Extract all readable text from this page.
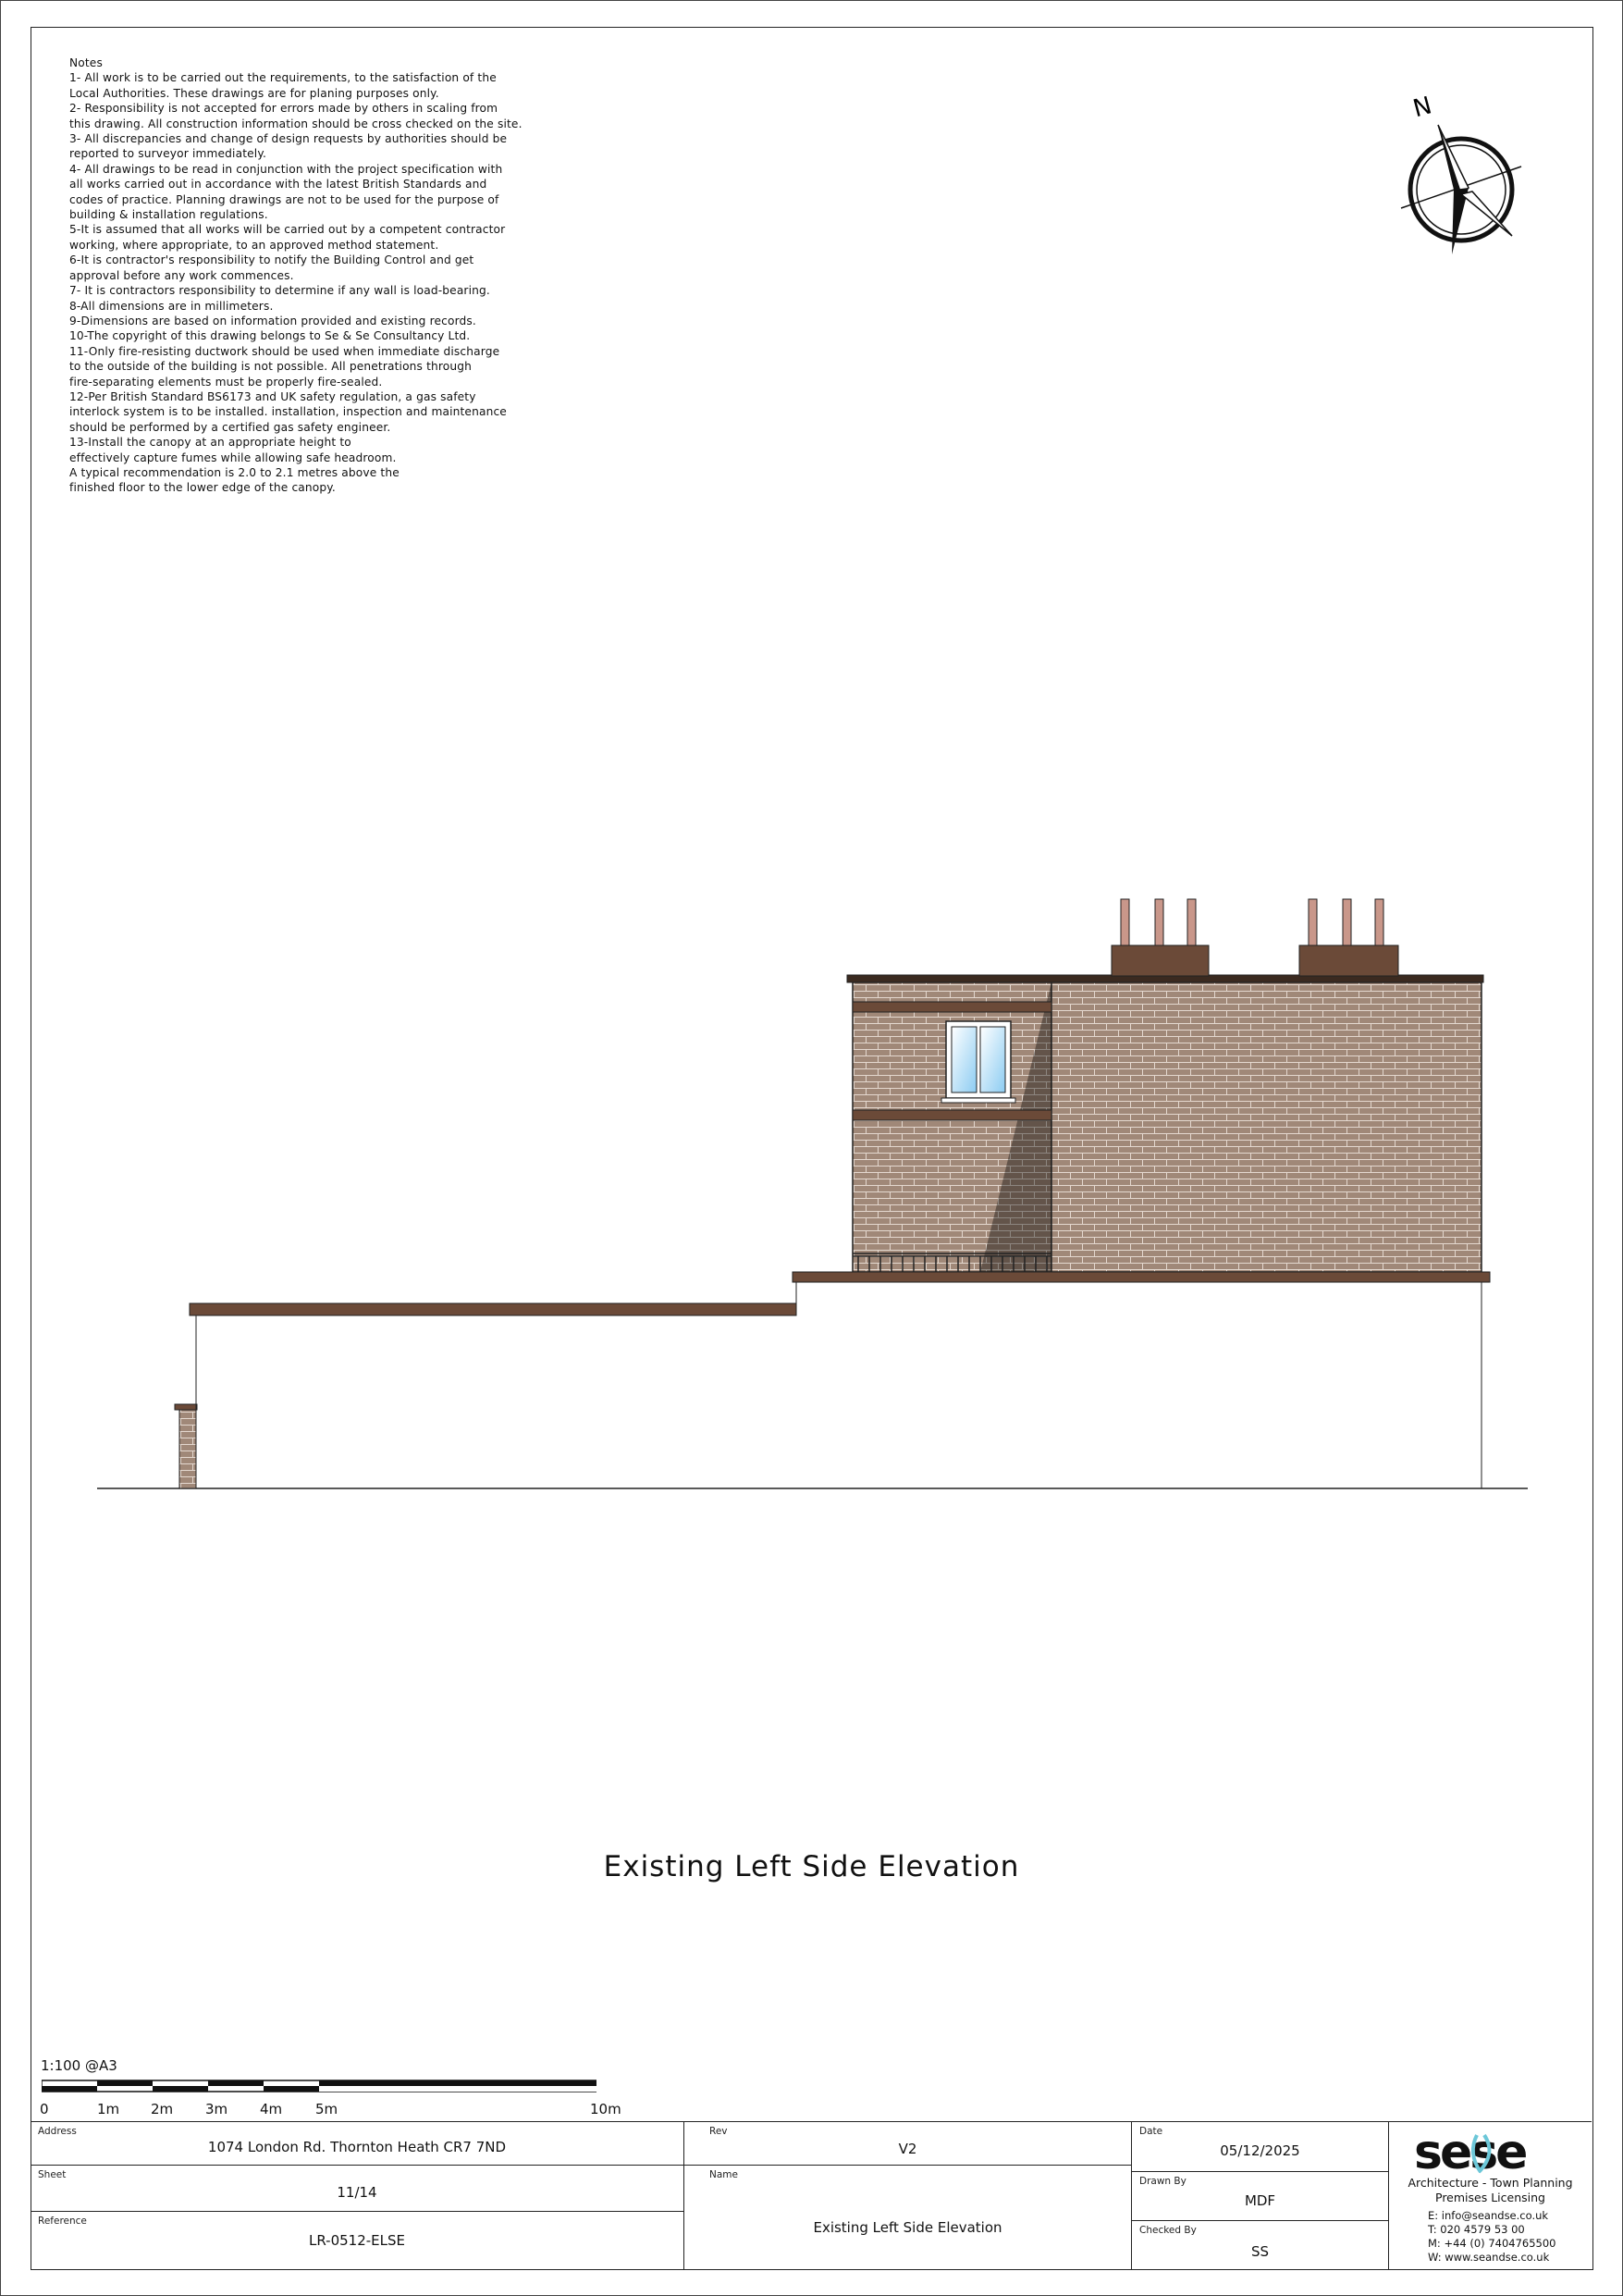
Notes
1- All work is to be carried out the requirements, to the satisfaction of the
Local Authorities. These drawings are for planing purposes only.
2- Responsibility is not accepted for errors made by others in scaling from
this drawing. All construction information should be cross checked on the site.
3- All discrepancies and change of design requests by authorities should be
reported to surveyor immediately.
4- All drawings to be read in conjunction with the project specification with
all works carried out in accordance with the latest British Standards and
codes of practice. Planning drawings are not to be used for the purpose of
building & installation regulations.
5-It is assumed that all works will be carried out by a competent contractor
working, where appropriate, to an approved method statement.
6-It is contractor's responsibility to notify the Building Control and get
approval before any work commences.
7- It is contractors responsibility to determine if any wall is load-bearing.
8-All dimensions are in millimeters.
9-Dimensions are based on information provided and existing records.
10-The copyright of this drawing belongs to Se & Se Consultancy Ltd.
11-Only fire-resisting ductwork should be used when immediate discharge
to the outside of the building is not possible. All penetrations through
fire-separating elements must be properly fire-sealed.
12-Per British Standard BS6173 and UK safety regulation, a gas safety
interlock system is to be installed. installation, inspection and maintenance
should be performed by a certified gas safety engineer.
13-Install the canopy at an appropriate height to
effectively capture fumes while allowing safe headroom.
A typical recommendation is 2.0 to 2.1 metres above the
finished floor to the lower edge of the canopy.
N
Existing Left Side Elevation
1:100 @A3
0	1m 2m 3m 4m 5m	10m
Address
1074 London Rd. Thornton Heath CR7 7ND
Sheet
11/14
Reference
LR-0512-ELSE
Rev
V2
Name
Existing Left Side Elevation
Date
05/12/2025
Drawn By
MDF
Checked By
SS
sese
Architecture - Town Planning
Premises Licensing
E: info@seandse.co.uk
T: 020 4579 53 00
M: +44 (0) 7404765500
W: www.seandse.co.uk
